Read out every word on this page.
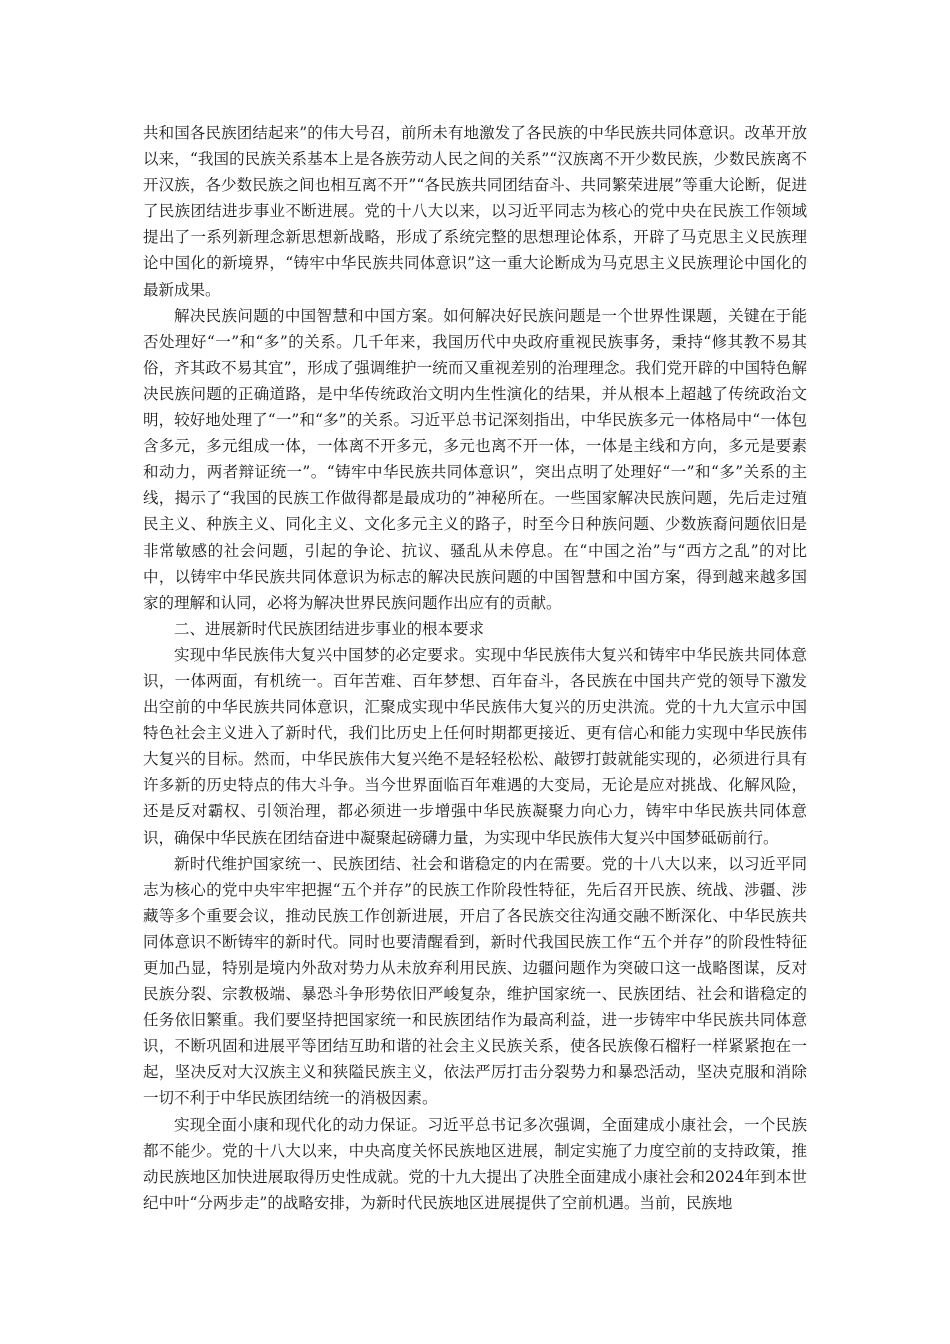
共和国各民族团结起来”的伟大号召，前所未有地激发了各民族的中华民族共同体意识。改革开放以来，“我国的民族关系基本上是各族劳动人民之间的关系”“汉族离不开少数民族，少数民族离不开汉族，各少数民族之间也相互离不开”“各民族共同团结奋斗、共同繁荣进展”等重大论断，促进了民族团结进步事业不断进展。党的十八大以来，以习近平同志为核心的党中央在民族工作领域提出了一系列新理念新思想新战略，形成了系统完整的思想理论体系，开辟了马克思主义民族理论中国化的新境界，“铸牢中华民族共同体意识”这一重大论断成为马克思主义民族理论中国化的最新成果。

解决民族问题的中国智慧和中国方案。如何解决好民族问题是一个世界性课题，关键在于能否处理好“一”和“多”的关系。几千年来，我国历代中央政府重视民族事务，秉持“修其教不易其俗，齐其政不易其宜”，形成了强调维护一统而又重视差别的治理理念。我们党开辟的中国特色解决民族问题的正确道路，是中华传统政治文明内生性演化的结果，并从根本上超越了传统政治文明，较好地处理了“一”和“多”的关系。习近平总书记深刻指出，中华民族多元一体格局中“一体包含多元，多元组成一体，一体离不开多元，多元也离不开一体，一体是主线和方向，多元是要素和动力，两者辩证统一”。“铸牢中华民族共同体意识”，突出点明了处理好“一”和“多”关系的主线，揭示了“我国的民族工作做得都是最成功的”神秘所在。一些国家解决民族问题，先后走过殖民主义、种族主义、同化主义、文化多元主义的路子，时至今日种族问题、少数族裔问题依旧是非常敏感的社会问题，引起的争论、抗议、骚乱从未停息。在“中国之治”与“西方之乱”的对比中，以铸牢中华民族共同体意识为标志的解决民族问题的中国智慧和中国方案，得到越来越多国家的理解和认同，必将为解决世界民族问题作出应有的贡献。

二、进展新时代民族团结进步事业的根本要求

实现中华民族伟大复兴中国梦的必定要求。实现中华民族伟大复兴和铸牢中华民族共同体意识，一体两面，有机统一。百年苦难、百年梦想、百年奋斗，各民族在中国共产党的领导下激发出空前的中华民族共同体意识，汇聚成实现中华民族伟大复兴的历史洪流。党的十九大宣示中国特色社会主义进入了新时代，我们比历史上任何时期都更接近、更有信心和能力实现中华民族伟大复兴的目标。然而，中华民族伟大复兴绝不是轻轻松松、敲锣打鼓就能实现的，必须进行具有许多新的历史特点的伟大斗争。当今世界面临百年难遇的大变局，无论是应对挑战、化解风险，还是反对霸权、引领治理，都必须进一步增强中华民族凝聚力向心力，铸牢中华民族共同体意识，确保中华民族在团结奋进中凝聚起磅礴力量，为实现中华民族伟大复兴中国梦砥砺前行。

新时代维护国家统一、民族团结、社会和谐稳定的内在需要。党的十八大以来，以习近平同志为核心的党中央牢牢把握“五个并存”的民族工作阶段性特征，先后召开民族、统战、涉疆、涉藏等多个重要会议，推动民族工作创新进展，开启了各民族交往沟通交融不断深化、中华民族共同体意识不断铸牢的新时代。同时也要清醒看到，新时代我国民族工作“五个并存”的阶段性特征更加凸显，特别是境内外敌对势力从未放弃利用民族、边疆问题作为突破口这一战略图谋，反对民族分裂、宗教极端、暴恐斗争形势依旧严峻复杂，维护国家统一、民族团结、社会和谐稳定的任务依旧繁重。我们要坚持把国家统一和民族团结作为最高利益，进一步铸牢中华民族共同体意识，不断巩固和进展平等团结互助和谐的社会主义民族关系，使各民族像石榴籽一样紧紧抱在一起，坚决反对大汉族主义和狭隘民族主义，依法严厉打击分裂势力和暴恐活动，坚决克服和消除一切不利于中华民族团结统一的消极因素。

实现全面小康和现代化的动力保证。习近平总书记多次强调，全面建成小康社会，一个民族都不能少。党的十八大以来，中央高度关怀民族地区进展，制定实施了力度空前的支持政策，推动民族地区加快进展取得历史性成就。党的十九大提出了决胜全面建成小康社会和2024年到本世纪中叶“分两步走”的战略安排，为新时代民族地区进展提供了空前机遇。当前，民族地
